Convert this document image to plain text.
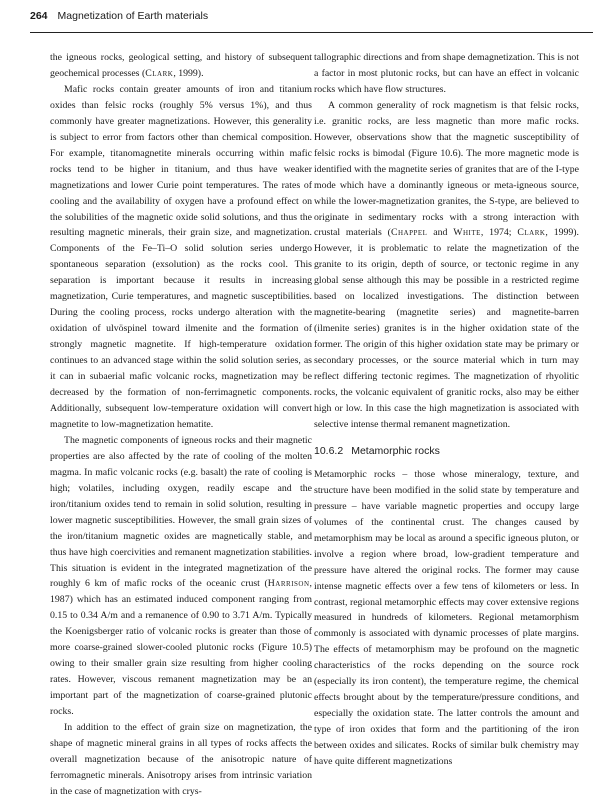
264 Magnetization of Earth materials

the igneous rocks, geological setting, and history of subsequent geochemical processes (Clark, 1999).

Mafic rocks contain greater amounts of iron and titanium oxides than felsic rocks (roughly 5% versus 1%), and thus commonly have greater magnetizations. However, this generality is subject to error from factors other than chemical composition. For example, titanomagnetite minerals occurring within mafic rocks tend to be higher in titanium, and thus have weaker magnetizations and lower Curie point temperatures. The rates of cooling and the availability of oxygen have a profound effect on the solubilities of the magnetic oxide solid solutions, and thus the resulting magnetic minerals, their grain size, and magnetization. Components of the Fe–Ti–O solid solution series undergo spontaneous separation (exsolution) as the rocks cool. This separation is important because it results in increasing magnetization, Curie temperatures, and magnetic susceptibilities. During the cooling process, rocks undergo alteration with the oxidation of ulvöspinel toward ilmenite and the formation of strongly magnetic magnetite. If high-temperature oxidation continues to an advanced stage within the solid solution series, as it can in subaerial mafic volcanic rocks, magnetization may be decreased by the formation of non-ferrimagnetic components. Additionally, subsequent low-temperature oxidation will convert magnetite to low-magnetization hematite.

The magnetic components of igneous rocks and their magnetic properties are also affected by the rate of cooling of the molten magma. In mafic volcanic rocks (e.g. basalt) the rate of cooling is high; volatiles, including oxygen, readily escape and the iron/titanium oxides tend to remain in solid solution, resulting in lower magnetic susceptibilities. However, the small grain sizes of the iron/titanium magnetic oxides are magnetically stable, and thus have high coercivities and remanent magnetization stabilities. This situation is evident in the integrated magnetization of the roughly 6 km of mafic rocks of the oceanic crust (Harrison, 1987) which has an estimated induced component ranging from 0.15 to 0.34 A/m and a remanence of 0.90 to 3.71 A/m. Typically the Koenigsberger ratio of volcanic rocks is greater than those of more coarse-grained slower-cooled plutonic rocks (Figure 10.5) owing to their smaller grain size resulting from higher cooling rates. However, viscous remanent magnetization may be an important part of the magnetization of coarse-grained plutonic rocks.

In addition to the effect of grain size on magnetization, the shape of magnetic mineral grains in all types of rocks affects the overall magnetization because of the anisotropic nature of ferromagnetic minerals. Anisotropy arises from intrinsic variation in the case of magnetization with crys-

tallographic directions and from shape demagnetization. This is not a factor in most plutonic rocks, but can have an effect in volcanic rocks which have flow structures.

A common generality of rock magnetism is that felsic rocks, i.e. granitic rocks, are less magnetic than more mafic rocks. However, observations show that the magnetic susceptibility of felsic rocks is bimodal (Figure 10.6). The more magnetic mode is identified with the magnetite series of granites that are of the I-type mode which have a dominantly igneous or meta-igneous source, while the lower-magnetization granites, the S-type, are believed to originate in sedimentary rocks with a strong interaction with crustal materials (Chappel and White, 1974; Clark, 1999). However, it is problematic to relate the magnetization of the granite to its origin, depth of source, or tectonic regime in any global sense although this may be possible in a restricted regime based on localized investigations. The distinction between magnetite-bearing (magnetite series) and magnetite-barren (ilmenite series) granites is in the higher oxidation state of the former. The origin of this higher oxidation state may be primary or secondary processes, or the source material which in turn may reflect differing tectonic regimes. The magnetization of rhyolitic rocks, the volcanic equivalent of granitic rocks, also may be either high or low. In this case the high magnetization is associated with selective intense thermal remanent magnetization.

10.6.2 Metamorphic rocks

Metamorphic rocks – those whose mineralogy, texture, and structure have been modified in the solid state by temperature and pressure – have variable magnetic properties and occupy large volumes of the continental crust. The changes caused by metamorphism may be local as around a specific igneous pluton, or involve a region where broad, low-gradient temperature and pressure have altered the original rocks. The former may cause intense magnetic effects over a few tens of kilometers or less. In contrast, regional metamorphic effects may cover extensive regions measured in hundreds of kilometers. Regional metamorphism commonly is associated with dynamic processes of plate margins. The effects of metamorphism may be profound on the magnetic characteristics of the rocks depending on the source rock (especially its iron content), the temperature regime, the chemical effects brought about by the temperature/pressure conditions, and especially the oxidation state. The latter controls the amount and type of iron oxides that form and the partitioning of the iron between oxides and silicates. Rocks of similar bulk chemistry may have quite different magnetizations
